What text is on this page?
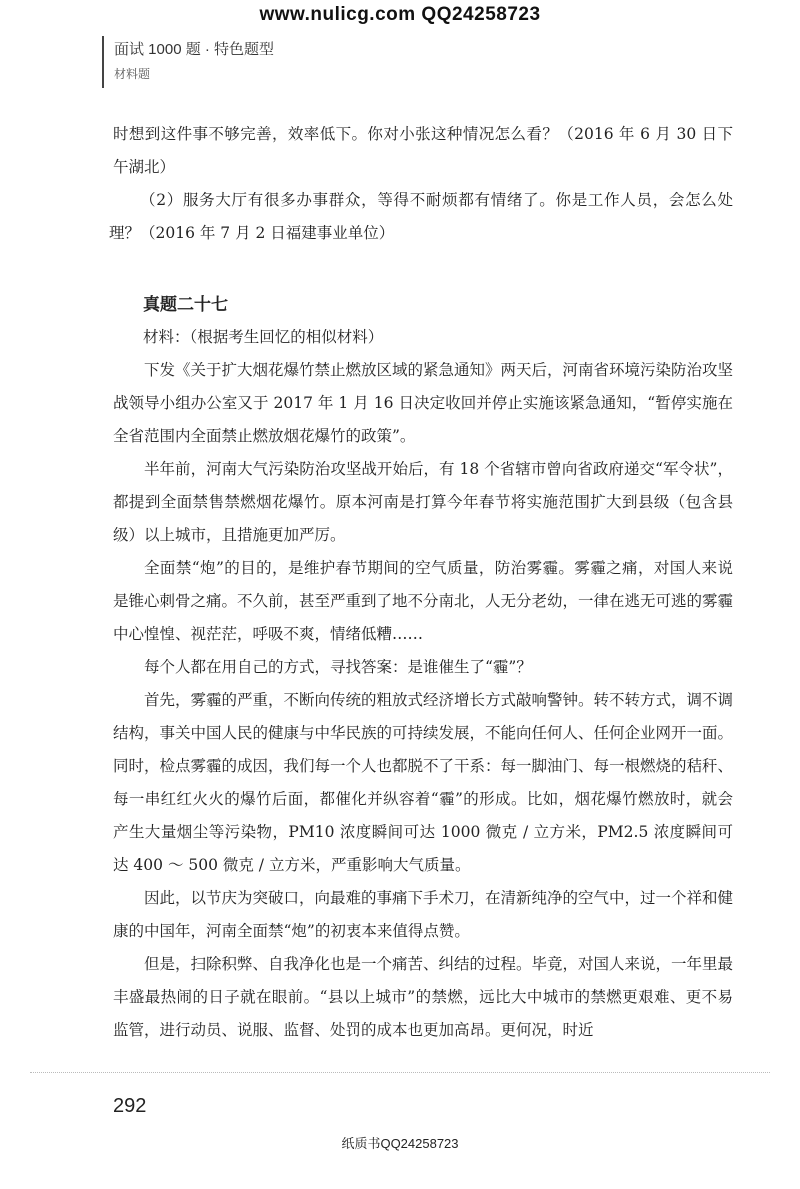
www.nulicg.com QQ24258723
面试 1000 题 · 特色题型
材料题

时想到这件事不够完善，效率低下。你对小张这种情况怎么看？（2016 年 6 月 30 日下午湖北）

（2）服务大厅有很多办事群众，等得不耐烦都有情绪了。你是工作人员，会怎么处理？（2016 年 7 月 2 日福建事业单位）

真题二十七

材料：（根据考生回忆的相似材料）

下发《关于扩大烟花爆竹禁止燃放区域的紧急通知》两天后，河南省环境污染防治攻坚战领导小组办公室又于 2017 年 1 月 16 日决定收回并停止实施该紧急通知，“暂停实施在全省范围内全面禁止燃放烟花爆竹的政策”。

半年前，河南大气污染防治攻坚战开始后，有 18 个省辖市曾向省政府递交“军令状”，都提到全面禁售禁燃烟花爆竹。原本河南是打算今年春节将实施范围扩大到县级（包含县级）以上城市，且措施更加严厉。

全面禁“炮”的目的，是维护春节期间的空气质量，防治雾霾。雾霾之痛，对国人来说是锥心刺骨之痛。不久前，甚至严重到了地不分南北，人无分老幼，一律在逃无可逃的雾霾中心惶惶、视茫茫，呼吸不爽，情绪低糟……

每个人都在用自己的方式，寻找答案：是谁催生了“霾”？

首先，雾霾的严重，不断向传统的粗放式经济增长方式敲响警钟。转不转方式，调不调结构，事关中国人民的健康与中华民族的可持续发展，不能向任何人、任何企业网开一面。同时，检点雾霾的成因，我们每一个人也都脱不了干系：每一脚油门、每一根燃烧的秸秆、每一串红红火火的爆竹后面，都催化并纵容着“霾”的形成。比如，烟花爆竹燃放时，就会产生大量烟尘等污染物，PM10 浓度瞬间可达 1000 微克 / 立方米，PM2.5 浓度瞬间可达 400 ～ 500 微克 / 立方米，严重影响大气质量。

因此，以节庆为突破口，向最难的事痛下手术刀，在清新纯净的空气中，过一个祥和健康的中国年，河南全面禁“炮”的初衷本来值得点赞。

但是，扫除积弊、自我净化也是一个痛苦、纠结的过程。毕竟，对国人来说，一年里最丰盛最热闹的日子就在眼前。“县以上城市”的禁燃，远比大中城市的禁燃更艰难、更不易监管，进行动员、说服、监督、处罚的成本也更加高昂。更何况，时近

292
纸质书QQ24258723
